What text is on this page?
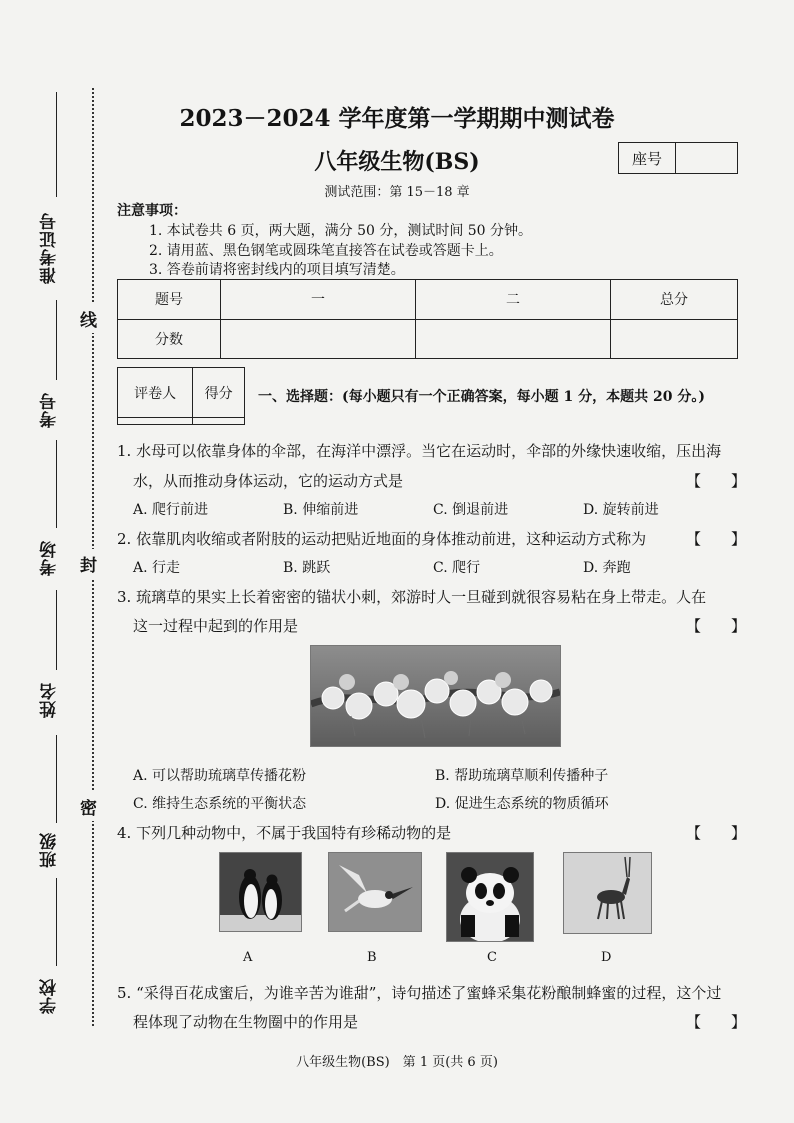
线
封
密
准考证号
考号
考场
姓名
班级
学校
2023－2024 学年度第一学期期中测试卷
八年级生物(BS)	座号
测试范围：第 15－18 章
注意事项：
1. 本试卷共 6 页，两大题，满分 50 分，测试时间 50 分钟。
2. 请用蓝、黑色钢笔或圆珠笔直接答在试卷或答题卡上。
3. 答卷前请将密封线内的项目填写清楚。
题号	一	二	总分
分数			
评卷人	得分
	一、选择题：(每小题只有一个正确答案，每小题 1 分，本题共 20 分。)
1. 水母可以依靠身体的伞部，在海洋中漂浮。当它在运动时，伞部的外缘快速收缩，压出海
水，从而推动身体运动，它的运动方式是	【　　】
A. 爬行前进	B. 伸缩前进	C. 倒退前进	D. 旋转前进
2. 依靠肌肉收缩或者附肢的运动把贴近地面的身体推动前进，这种运动方式称为	【　　】
A. 行走	B. 跳跃	C. 爬行	D. 奔跑
3. 琉璃草的果实上长着密密的锚状小刺，郊游时人一旦碰到就很容易粘在身上带走。人在
这一过程中起到的作用是	【　　】
A. 可以帮助琉璃草传播花粉	B. 帮助琉璃草顺利传播种子
C. 维持生态系统的平衡状态	D. 促进生态系统的物质循环
4. 下列几种动物中，不属于我国特有珍稀动物的是	【　　】
A	B	C	D
5. “采得百花成蜜后，为谁辛苦为谁甜”，诗句描述了蜜蜂采集花粉酿制蜂蜜的过程，这个过
程体现了动物在生物圈中的作用是	【　　】
八年级生物(BS)　第 1 页(共 6 页)
